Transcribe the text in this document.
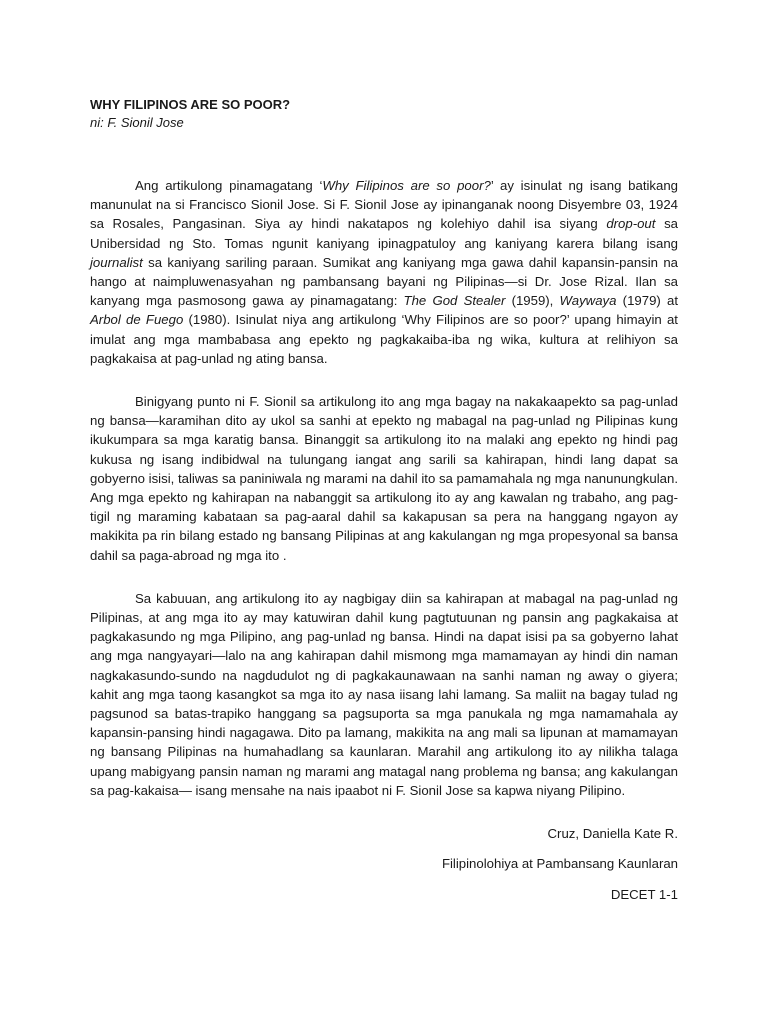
WHY FILIPINOS ARE SO POOR?

ni: F. Sionil Jose

Ang artikulong pinamagatang ‘Why Filipinos are so poor?’ ay isinulat ng isang batikang manunulat na si Francisco Sionil Jose. Si F. Sionil Jose ay ipinanganak noong Disyembre 03, 1924 sa Rosales, Pangasinan. Siya ay hindi nakatapos ng kolehiyo dahil isa siyang drop-out sa Unibersidad ng Sto. Tomas ngunit kaniyang ipinagpatuloy ang kaniyang karera bilang isang journalist sa kaniyang sariling paraan. Sumikat ang kaniyang mga gawa dahil kapansin-pansin na hango at naimpluwenasyahan ng pambansang bayani ng Pilipinas—si Dr. Jose Rizal. Ilan sa kanyang mga pasmosong gawa ay pinamagatang: The God Stealer (1959), Waywaya (1979) at Arbol de Fuego (1980). Isinulat niya ang artikulong ‘Why Filipinos are so poor?’ upang himayin at imulat ang mga mambabasa ang epekto ng pagkakaiba-iba ng wika, kultura at relihiyon sa pagkakaisa at pag-unlad ng ating bansa.

Binigyang punto ni F. Sionil sa artikulong ito ang mga bagay na nakakaapekto sa pag-unlad ng bansa—karamihan dito ay ukol sa sanhi at epekto ng mabagal na pag-unlad ng Pilipinas kung ikukumpara sa mga karatig bansa. Binanggit sa artikulong ito na malaki ang epekto ng hindi pag kukusa ng isang indibidwal na tulungang iangat ang sarili sa kahirapan, hindi lang dapat sa gobyerno isisi, taliwas sa paniniwala ng marami na dahil ito sa pamamahala ng mga nanunungkulan. Ang mga epekto ng kahirapan na nabanggit sa artikulong ito ay ang kawalan ng trabaho, ang pag-tigil ng maraming kabataan sa pag-aaral dahil sa kakapusan sa pera na hanggang ngayon ay makikita pa rin bilang estado ng bansang Pilipinas at ang kakulangan ng mga propesyonal sa bansa dahil sa paga-abroad ng mga ito .

Sa kabuuan, ang artikulong ito ay nagbigay diin sa kahirapan at mabagal na pag-unlad ng Pilipinas, at ang mga ito ay may katuwiran dahil kung pagtutuunan ng pansin ang pagkakaisa at pagkakasundo ng mga Pilipino, ang pag-unlad ng bansa. Hindi na dapat isisi pa sa gobyerno lahat ang mga nangyayari—lalo na ang kahirapan dahil mismong mga mamamayan ay hindi din naman nagkakasundo-sundo na nagdudulot ng di pagkakaunawaan na sanhi naman ng away o giyera; kahit ang mga taong kasangkot sa mga ito ay nasa iisang lahi lamang. Sa maliit na bagay tulad ng pagsunod sa batas-trapiko hanggang sa pagsuporta sa mga panukala ng mga namamahala ay kapansin-pansing hindi nagagawa. Dito pa lamang, makikita na ang mali sa lipunan at mamamayan ng bansang Pilipinas na humahadlang sa kaunlaran. Marahil ang artikulong ito ay nilikha talaga upang mabigyang pansin naman ng marami ang matagal nang problema ng bansa; ang kakulangan sa pag-kakaisa— isang mensahe na nais ipaabot ni F. Sionil Jose sa kapwa niyang Pilipino.

Cruz, Daniella Kate R.

Filipinolohiya at Pambansang Kaunlaran

DECET 1-1
